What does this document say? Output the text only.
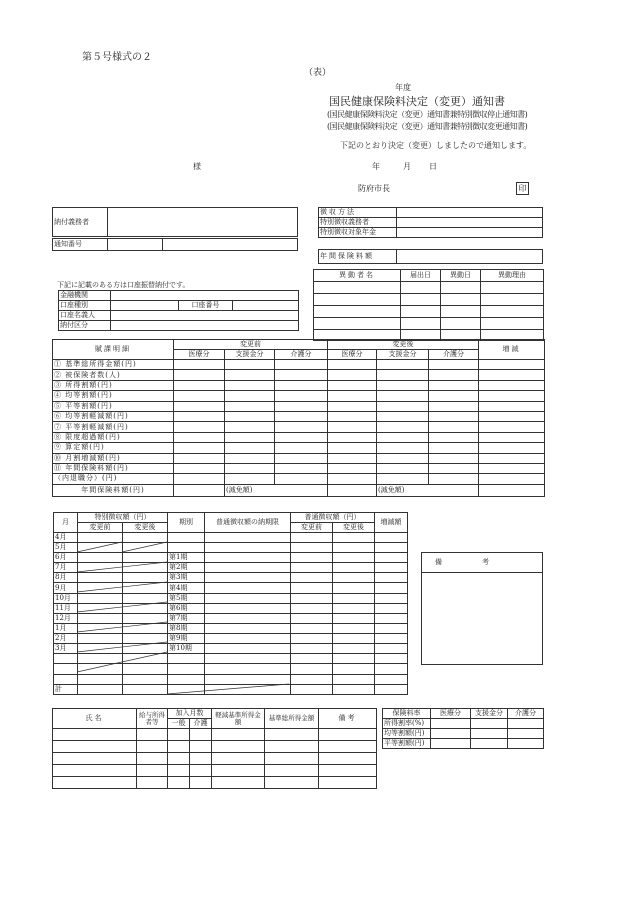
第５号様式の２
（表）
年度
国民健康保険料決定（変更）通知書
(国民健康保険料決定（変更）通知書兼特別徴収停止通知書)
(国民健康保険料決定（変更）通知書兼特別徴収変更通知書)
下記のとおり決定（変更）しましたので通知します。
様	年	月 日
防府市長	印
納付義務者	
通知番号		
徴収方法	
特別徴収義務者	
特別徴収対象年金	
年間保険料額	
異動者名	届出日	異動日	異動理由

下記に記載のある方は口座振替納付です。
金融機関			
口座種別		口座番号	
口座名義人			
納付区分			
賦課明細	変更前			変更後			増減
	医療分	支援金分	介護分	医療分	支援金分	介護分	
① 基準総所得金額(円)							
② 被保険者数(人)							
③ 所得割額(円)							
④ 均等割額(円)							
⑤ 平等割額(円)							
⑥ 均等割軽減額(円)							
⑦ 平等割軽減額(円)							
⑧ 限度超過額(円)							
⑨ 算定額(円)							
⑩ 月割増減額(円)							
⑪ 年間保険料額(円)							
（内退職分）(円)							
年間保険料額(円)		(減免額)			(減免額)		
月	特別徴収額（円）		期別	普通徴収額の納期限	普通徴収額（円）		増減額
	変更前	変更後			変更前	変更後	
4月							
5月							
6月			第1期				
7月			第2期				
8月			第3期				
9月			第4期				
10月			第5期				
11月			第6期				
12月			第7期				
1月			第8期				
2月			第9期				
3月			第10期				

計							
備考

氏名	給与所得者等	加入月数		軽減基準所得金額	基準総所得金額	備考
		一般	介護			

保険料率	医療分	支援金分	介護分
所得割率(%)			
均等割額(円)			
平等割額(円)			
